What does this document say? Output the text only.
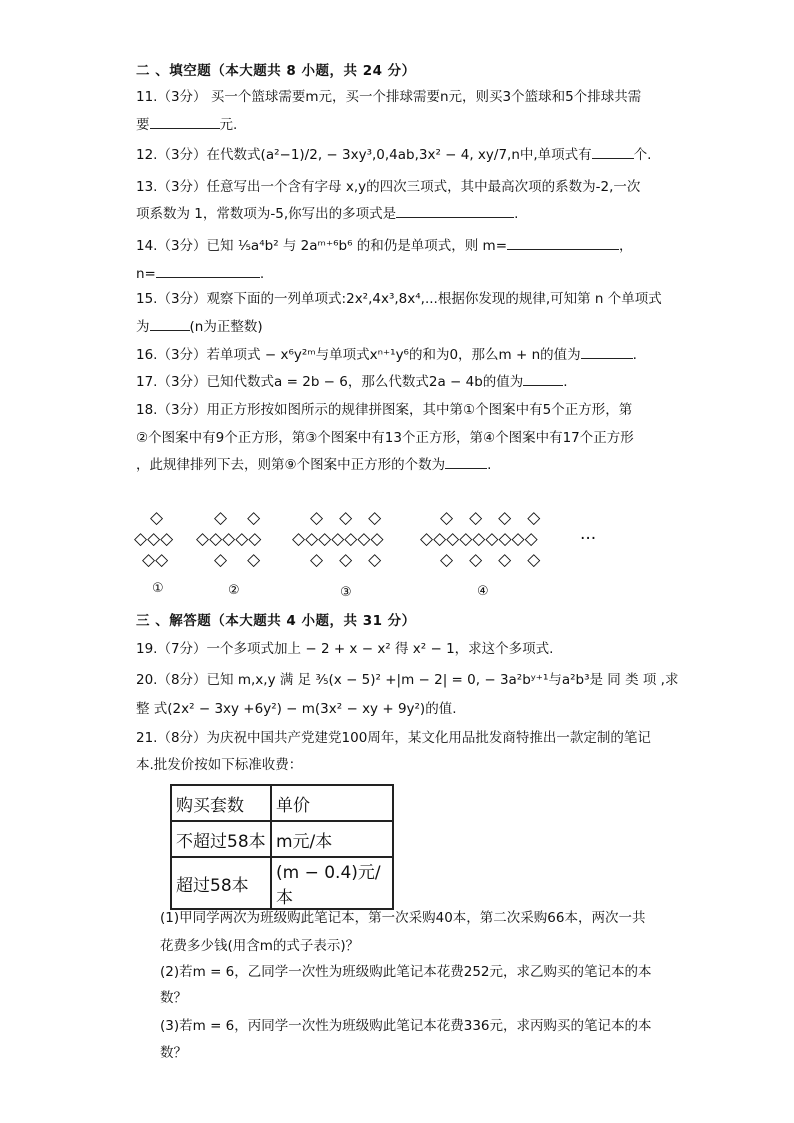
二 、填空题（本大题共 8 小题，共 24 分）
11.（3分） 买一个篮球需要m元，买一个排球需要n元，则买3个篮球和5个排球共需
要	元.
12.（3分）在代数式(a²−1)/2, − 3xy³,0,4ab,3x² − 4, xy/7,n中,单项式有	个.
13.（3分）任意写出一个含有字母 x,y的四次三项式，其中最高次项的系数为-2,一次
项系数为 1，常数项为-5,你写出的多项式是	.
14.（3分）已知 ⅕a⁴b² 与 2aᵐ⁺⁶b⁶ 的和仍是单项式，则 m=	，
n=	.
15.（3分）观察下面的一列单项式:2x²,4x³,8x⁴,...根据你发现的规律,可知第 n 个单项式
为	(n为正整数)
16.（3分）若单项式 − x⁶y²ᵐ与单项式xⁿ⁺¹y⁶的和为0，那么m + n的值为	.
17.（3分）已知代数式a = 2b − 6，那么代数式2a − 4b的值为	.
18.（3分）用正方形按如图所示的规律拼图案，其中第①个图案中有5个正方形，第
②个图案中有9个正方形，第③个图案中有13个正方形，第④个图案中有17个正方形
，此规律排列下去，则第⑨个图案中正方形的个数为	.
◇
◇◇◇
◇◇
◇◇
◇◇◇◇◇
◇◇
◇◇◇
◇◇◇◇◇◇◇
◇◇◇
◇◇◇◇
◇◇◇◇◇◇◇◇◇
◇◇◇◇
···
①	②	③	④
三 、解答题（本大题共 4 小题，共 31 分）
19.（7分）一个多项式加上 − 2 + x − x² 得 x² − 1，求这个多项式.
20.（8分）已知 m,x,y 满 足 ⅗(x − 5)² +|m − 2| = 0, − 3a²bʸ⁺¹与a²b³是 同 类 项 ,求
整 式(2x² − 3xy +6y²) − m(3x² − xy + 9y²)的值.
21.（8分）为庆祝中国共产党建党100周年，某文化用品批发商特推出一款定制的笔记
本.批发价按如下标准收费：
购买套数	单价
不超过58本	m元/本
超过58本	(m − 0.4)元/本
(1)甲同学两次为班级购此笔记本，第一次采购40本，第二次采购66本，两次一共
花费多少钱(用含m的式子表示)？
(2)若m = 6，乙同学一次性为班级购此笔记本花费252元，求乙购买的笔记本的本
数？
(3)若m = 6，丙同学一次性为班级购此笔记本花费336元，求丙购买的笔记本的本
数？
